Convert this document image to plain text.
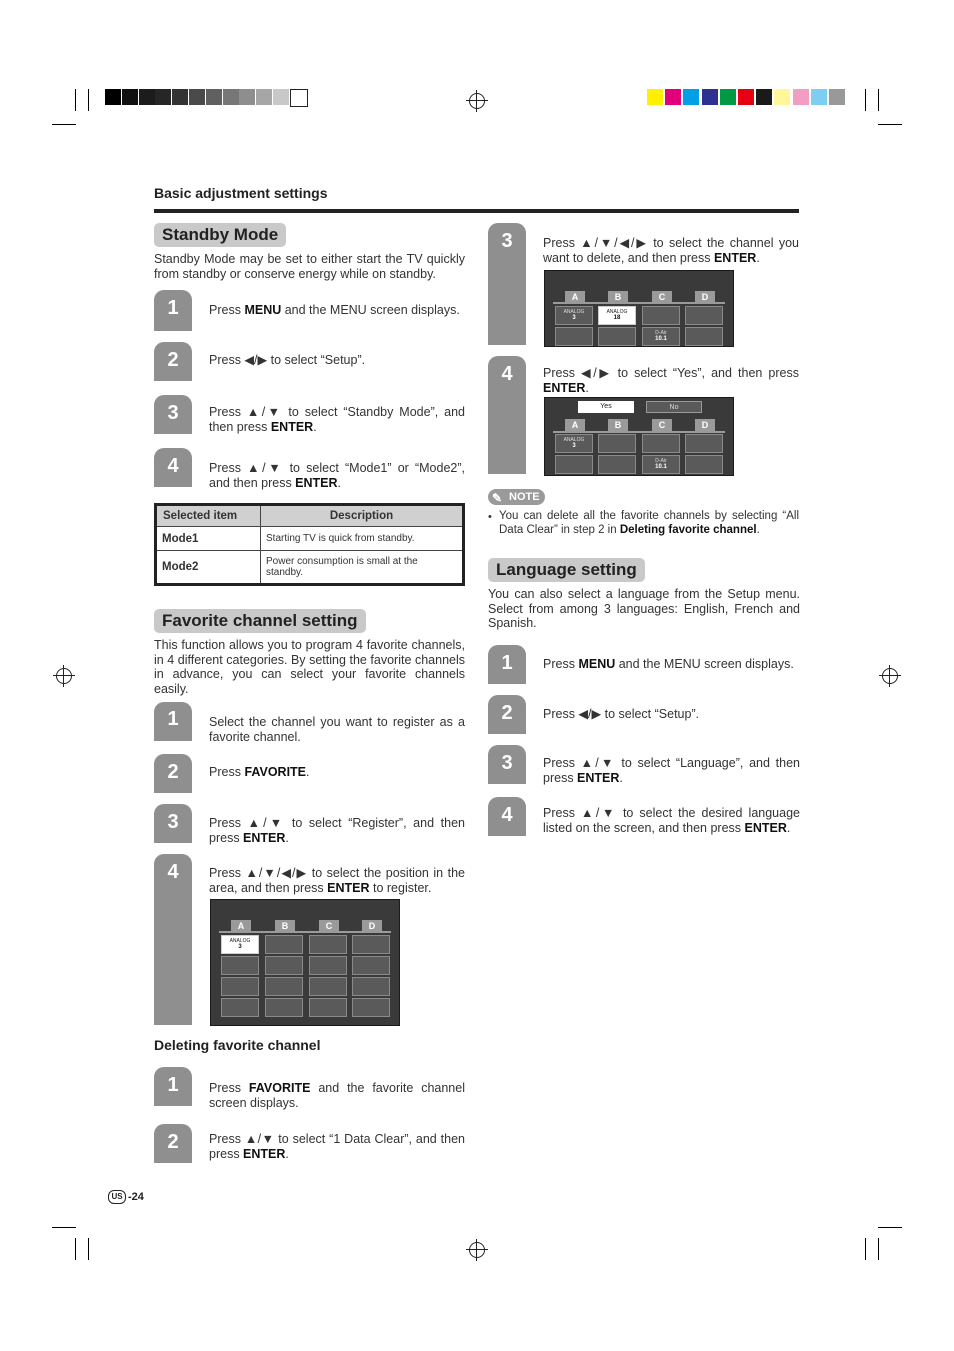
Basic adjustment settings
Standby Mode
Standby Mode may be set to either start the TV quickly from standby or conserve energy while on standby.
1	Press MENU and the MENU screen displays.
2	Press ◀/▶ to select “Setup”.
3	Press ▲/▼ to select “Standby Mode”, and then press ENTER.
4	Press ▲/▼ to select “Mode1” or “Mode2”, and then press ENTER.
Selected item	Description
Mode1	Starting TV is quick from standby.
Mode2	Power consumption is small at the standby.
Favorite channel setting
This function allows you to program 4 favorite channels, in 4 different categories. By setting the favorite channels in advance, you can select your favorite channels easily.
1	Select the channel you want to register as a favorite channel.
2	Press FAVORITE.
3	Press ▲/▼ to select “Register”, and then press ENTER.
4	Press ▲/▼/◀/▶ to select the position in the area, and then press ENTER to register.
A	B	C	D
ANALOG
3
Deleting favorite channel
1	Press FAVORITE and the favorite channel screen displays.
2	Press ▲/▼ to select “1 Data Clear”, and then press ENTER.
3	Press ▲/▼/◀/▶ to select the channel you want to delete, and then press ENTER.
A	B	C	D
ANALOG
3
ANALOG
18
D-Air
10.1
4	Press ◀/▶ to select “Yes”, and then press ENTER.
Yes	No
A	B	C	D
ANALOG
3
D-Air
10.1
✎ NOTE
• You can delete all the favorite channels by selecting “All Data Clear” in step 2 in Deleting favorite channel.
Language setting
You can also select a language from the Setup menu. Select from among 3 languages: English, French and Spanish.
1	Press MENU and the MENU screen displays.
2	Press ◀/▶ to select “Setup”.
3	Press ▲/▼ to select “Language”, and then press ENTER.
4	Press ▲/▼ to select the desired language listed on the screen, and then press ENTER.
US -24
